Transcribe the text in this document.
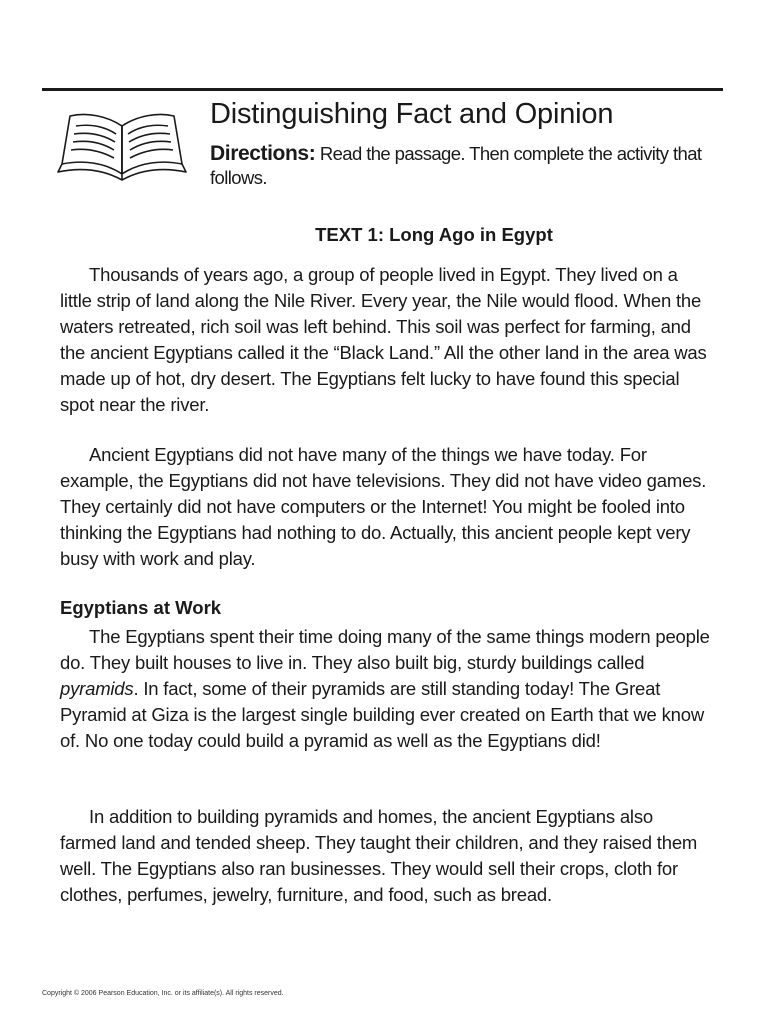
Distinguishing Fact and Opinion
Directions: Read the passage. Then complete the activity that follows.
TEXT 1: Long Ago in Egypt

Thousands of years ago, a group of people lived in Egypt. They lived on a little strip of land along the Nile River. Every year, the Nile would flood. When the waters retreated, rich soil was left behind. This soil was perfect for farming, and the ancient Egyptians called it the “Black Land.” All the other land in the area was made up of hot, dry desert. The Egyptians felt lucky to have found this special spot near the river.

Ancient Egyptians did not have many of the things we have today. For example, the Egyptians did not have televisions. They did not have video games. They certainly did not have computers or the Internet! You might be fooled into thinking the Egyptians had nothing to do. Actually, this ancient people kept very busy with work and play.

Egyptians at Work

The Egyptians spent their time doing many of the same things modern people do. They built houses to live in. They also built big, sturdy buildings called pyramids. In fact, some of their pyramids are still standing today! The Great Pyramid at Giza is the largest single building ever created on Earth that we know of. No one today could build a pyramid as well as the Egyptians did!

In addition to building pyramids and homes, the ancient Egyptians also farmed land and tended sheep. They taught their children, and they raised them well. The Egyptians also ran businesses. They would sell their crops, cloth for clothes, perfumes, jewelry, furniture, and food, such as bread.

Copyright © 2006 Pearson Education, Inc. or its affiliate(s). All rights reserved.
